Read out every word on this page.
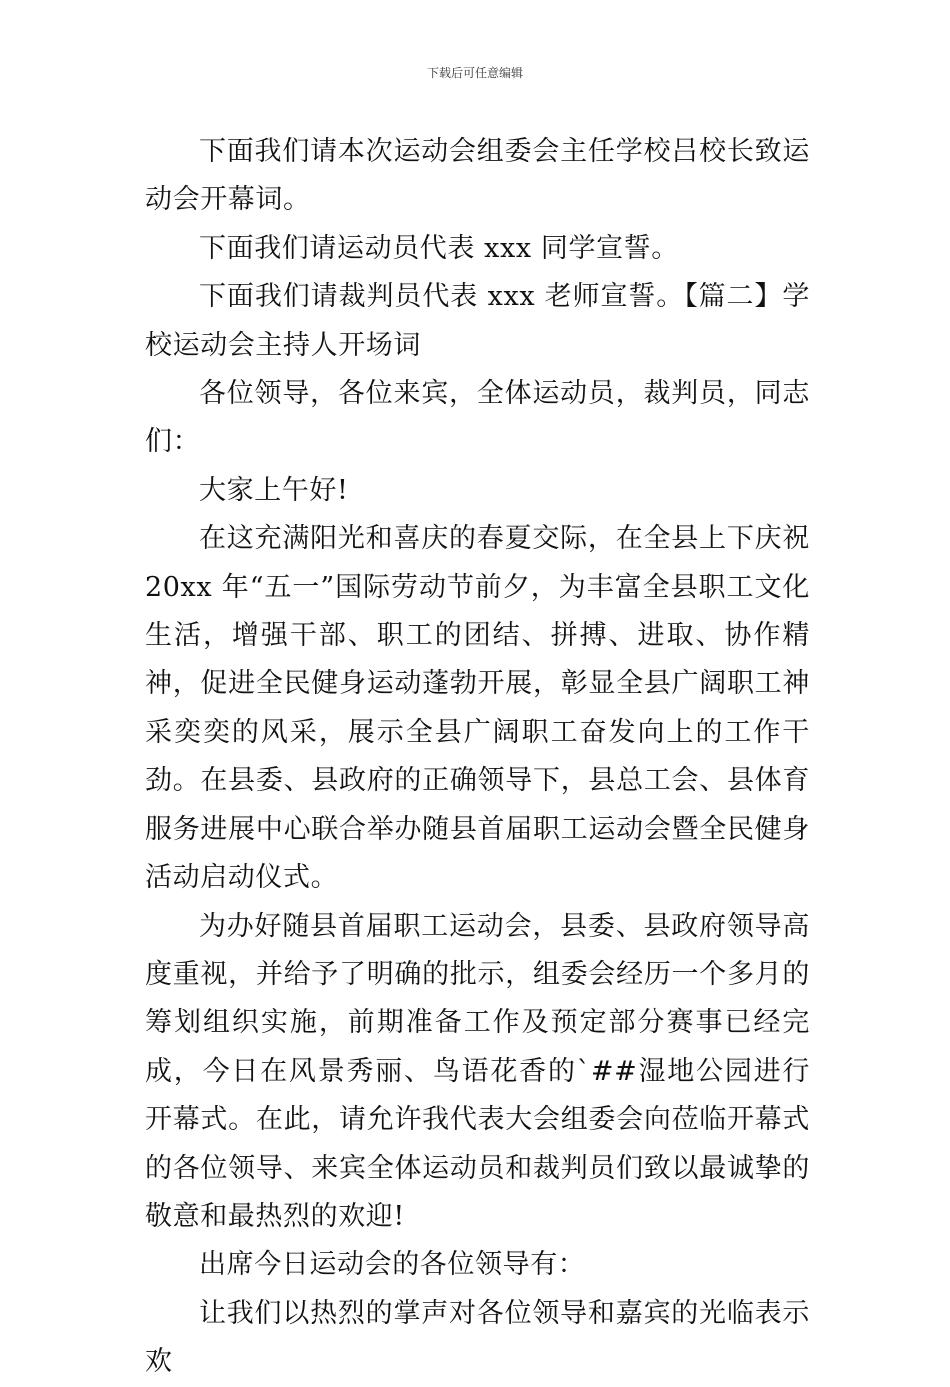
下载后可任意编辑

下面我们请本次运动会组委会主任学校吕校长致运动会开幕词。

下面我们请运动员代表 xxx 同学宣誓。

下面我们请裁判员代表 xxx 老师宣誓。【篇二】学校运动会主持人开场词

各位领导，各位来宾，全体运动员，裁判员，同志们：

大家上午好!

在这充满阳光和喜庆的春夏交际，在全县上下庆祝 20xx 年“五一”国际劳动节前夕，为丰富全县职工文化生活，增强干部、职工的团结、拼搏、进取、协作精神，促进全民健身运动蓬勃开展，彰显全县广阔职工神采奕奕的风采，展示全县广阔职工奋发向上的工作干劲。在县委、县政府的正确领导下，县总工会、县体育服务进展中心联合举办随县首届职工运动会暨全民健身活动启动仪式。

为办好随县首届职工运动会，县委、县政府领导高度重视，并给予了明确的批示，组委会经历一个多月的筹划组织实施，前期准备工作及预定部分赛事已经完成，今日在风景秀丽、鸟语花香的`##湿地公园进行开幕式。在此，请允许我代表大会组委会向莅临开幕式的各位领导、来宾全体运动员和裁判员们致以最诚挚的敬意和最热烈的欢迎!

出席今日运动会的各位领导有：

让我们以热烈的掌声对各位领导和嘉宾的光临表示欢
